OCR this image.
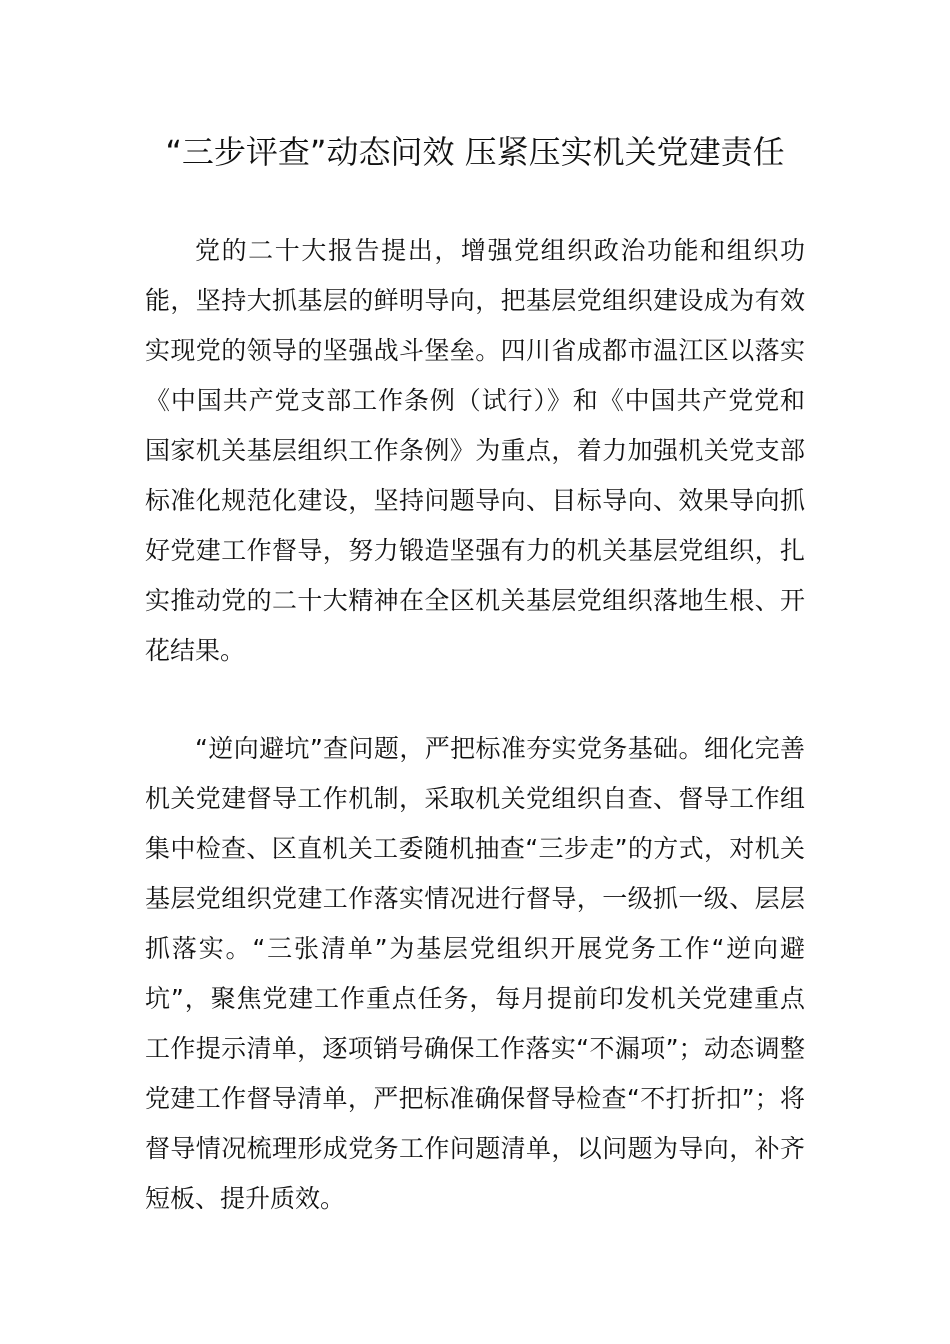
“三步评查”动态问效 压紧压实机关党建责任

党的二十大报告提出，增强党组织政治功能和组织功能，坚持大抓基层的鲜明导向，把基层党组织建设成为有效实现党的领导的坚强战斗堡垒。四川省成都市温江区以落实《中国共产党支部工作条例（试行）》和《中国共产党党和国家机关基层组织工作条例》为重点，着力加强机关党支部标准化规范化建设，坚持问题导向、目标导向、效果导向抓好党建工作督导，努力锻造坚强有力的机关基层党组织，扎实推动党的二十大精神在全区机关基层党组织落地生根、开花结果。

“逆向避坑”查问题，严把标准夯实党务基础。细化完善机关党建督导工作机制，采取机关党组织自查、督导工作组集中检查、区直机关工委随机抽查“三步走”的方式，对机关基层党组织党建工作落实情况进行督导，一级抓一级、层层抓落实。“三张清单”为基层党组织开展党务工作“逆向避坑”，聚焦党建工作重点任务，每月提前印发机关党建重点工作提示清单，逐项销号确保工作落实“不漏项”；动态调整党建工作督导清单，严把标准确保督导检查“不打折扣”；将督导情况梳理形成党务工作问题清单，以问题为导向，补齐短板、提升质效。
